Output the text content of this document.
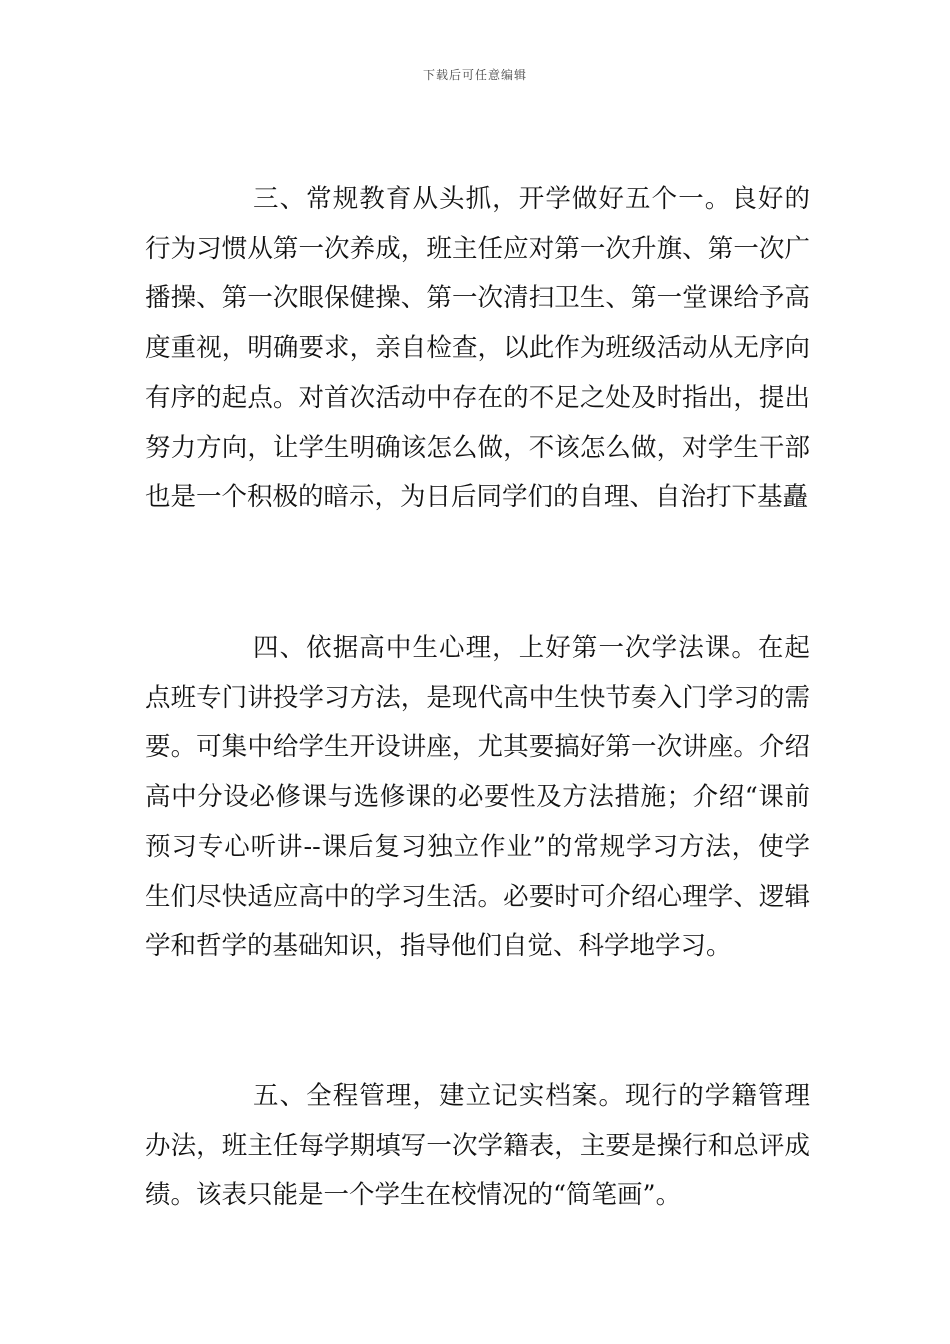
下载后可任意编辑

三、常规教育从头抓，开学做好五个一。良好的行为习惯从第一次养成，班主任应对第一次升旗、第一次广播操、第一次眼保健操、第一次清扫卫生、第一堂课给予高度重视，明确要求，亲自检查，以此作为班级活动从无序向有序的起点。对首次活动中存在的不足之处及时指出，提出努力方向，让学生明确该怎么做，不该怎么做，对学生干部也是一个积极的暗示，为日后同学们的自理、自治打下基矗

四、依据高中生心理，上好第一次学法课。在起点班专门讲投学习方法，是现代高中生快节奏入门学习的需要。可集中给学生开设讲座，尤其要搞好第一次讲座。介绍高中分设必修课与选修课的必要性及方法措施；介绍“课前预习专心听讲--课后复习独立作业”的常规学习方法，使学生们尽快适应高中的学习生活。必要时可介绍心理学、逻辑学和哲学的基础知识，指导他们自觉、科学地学习。

五、全程管理，建立记实档案。现行的学籍管理办法，班主任每学期填写一次学籍表，主要是操行和总评成绩。该表只能是一个学生在校情况的“简笔画”。
